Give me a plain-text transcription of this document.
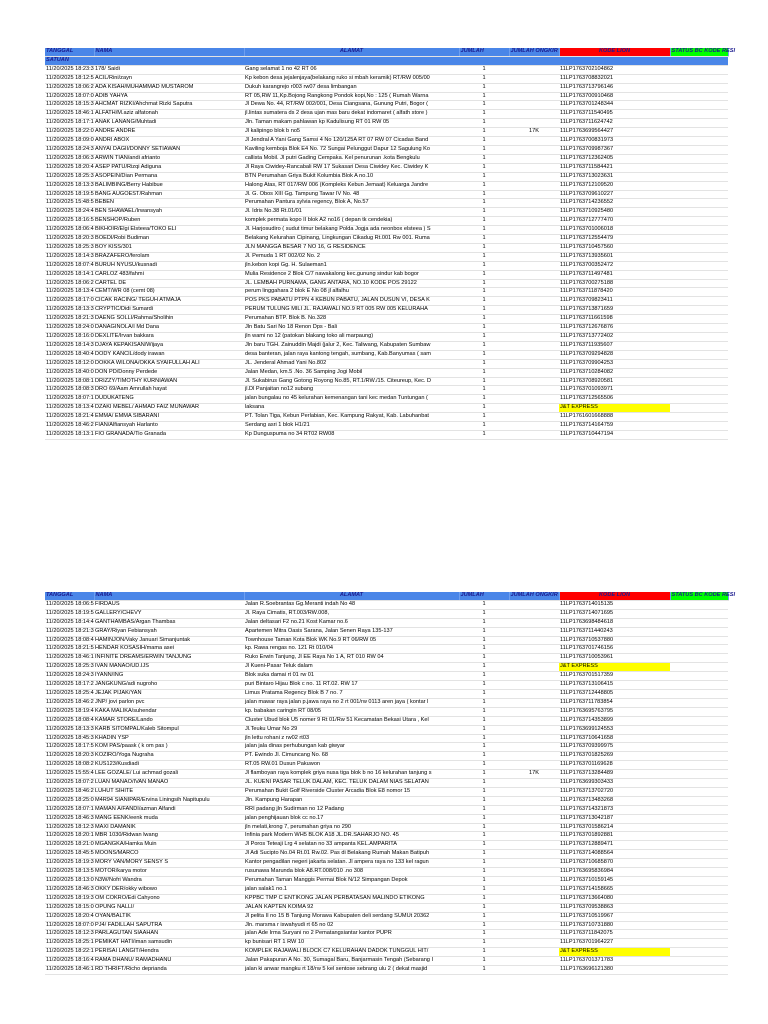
TANGGAL	NAMA	ALAMAT	JUMLAH	JUMLAH ONGKIR	KODE LION	STATUS BC KODE RESI
SATUAN						
11/20/2025 18:23:3	178/ Saidi	Gang selamat 1 no 42 RT 06	1		11LP1763702104862	
11/20/2025 18:12:5	ACIL/Rini/zayn	Kp kebon desa jejalenjaya(belakang ruko si mbah keramik) RT/RW 005/00	1		11LP1763708832021	
11/20/2025 18:06:2	ADA KISAH/MUHAMMAD MUSTAROM	Dukuh karangrejo r003 rw07 desa limbangan	1		11LP1763713796146	
11/20/2025 18:07:0	ADIB YAHYA	RT 05,RW 11,Kp.Bojong Rangkong Pondok kopi,No : 125 ( Rumah Warna	1		11LP1763700910468	
11/20/2025 18:15:3	AHCMAT RIZKI/Ahchmat Rizki Saputra	Jl Dewa No. 44, RT/RW 002/001, Desa Ciangsana, Gunung Putri, Bogor (	1		11LP1763701248344	
11/20/2025 18:46:1	ALFATH/M.aziz alfatonah	jl.lintas sumatera ds 2 desa ujan mas baru dekat indomaret ( alfath store )	1		11LP1763711540495	
11/20/2025 18:17:1	ANAK LANANG/Muhtadi	Jln. Taman makam pahlawan kp Kadulisung RT 01 RW 05	1		11LP1763711624742	
11/20/2025 18:22:0	ANDRE ANDRE	Jl kalipingo blok b no5	1	17K	11LP1763699564427	
11/20/2025 18:09:0	ANDRI ABOX	Jl Jendral A Yani Gang Samsi 4 No 120/125A RT 07 RW 07 Cicadas Band	1		11LP1763700831973	
11/20/2025 18:24:3	ANYAI DAGII/DONNY SETIAWAN	Kaviling kemboja Blok E4 No. 72 Sungai Pelunggut Dapur 12 Sagulung Ko	1		11LP1763709987367	
11/20/2025 18:06:3	ARWIN TIAN/andi afrianto	callista Mobil. Jl putri Gading Cempaka. Kel penurunan .kota Bengkulu	1		11LP1763712362405	
11/20/2025 18:20:4	ASEP PATU/Rizqi Adiguna	Jl Raya Ciwidey-Rancabali RW 17 Sukasari Desa Ciwidey Kec. Ciwidey K	1		11LP1763711584421	
11/20/2025 18:25:3	ASOPEIN/Dian Permana	BTN Perumahan Griya Bukit Kolumbia Blok A no.10	1		11LP1763713023631	
11/20/2025 18:13:3	BALIMBING/Berry Habibue	Halong Atas, RT 017/RW 006 (Kompleks Kebun Jemaat) Keluarga Jandre	1		11LP1763712109520	
11/20/2025 18:19:5	BANG AUGOEST/Rahman	Jl. G. Obos XIII Gg. Tampung Tawar IV No. 48	1		11LP1763709610227	
11/20/2025 15:48:5	BEBEN	Perumahan Pantura sylvia regency, Blok A, No.57	1		11LP1763714236552	
11/20/2025 18:24:4	BEN SHAWAEL/Irwansyah	Jl. Idris No.38 Rt.01/01	1		11LP1763710925480	
11/20/2025 18:16:5	BENSHOP/Ruben	komplek permata kopo II blok A2 no16 ( depan tk cendekia)	1		11LP1763712777470	
11/20/2025 18:06:4	BIKHOIR/Elgi Elsteea/TOKO ELI	Jl. Harjosudiro ( sudut timur belakang Polda Jogja ada neonbox elsteea ) S	1		11LP1763701006018	
11/20/2025 18:20:3	BOEDI/Robi Budiman	Belakang Kelurahan Cipinang, Lingkungan Cikadug Rt.001 Rw 001. Ruma	1		11LP1763712554479	
11/20/2025 18:25:3	BOY KISS/301	JLN MANGGA BESAR 7 NO 16, G RESIDENCE	1		11LP1763710457560	
11/20/2025 18:14:3	BRAZAFERO/ferolam	Jl. Pemuda 1 RT 002/02 No. 2	1		11LP1763713935601	
11/20/2025 18:07:4	BURUH NYUSU/kusnadi	jln.kebon kopi Gg. H. Sulaeman1	1		11LP1763700352472	
11/20/2025 18:14:1	CARLOZ 483/fahmi	Mulia Residence 2 Blok C/7 nawakalong kec.gunung sindur kab bogor	1		11LP1763711497481	
11/20/2025 18:06:2	CARTEL DE	JL. LEMBAH PURNAMA, GANG ANTARA, NO.10 KODE POS 29122	1		11LP1763700275188	
11/20/2025 18:13:4	CEMT/WR 08 (cemt 08)	perum linggahara 2 blok E No 08 jl alfalhu	1		11LP1763711878420	
11/20/2025 18:17:0	CICAK RACING/ TEGUH ATMAJA	POS PKS PABATU PTPN 4 KEBUN PABATU, JALAN DUSUN VI, DESA K	1		11LP1763709823411	
11/20/2025 18:13:3	CRYPTIC/Didi Sumardi	PERUM TULUNG MILI JL. RAJAWALI NO.9 RT 005 RW 005 KELURAHA	1		11LP1763713871659	
11/20/2025 18:21:3	DAENG SOLLI/Rahma/Sholihin	Perumahan BTP. Blok B. No.328	1		11LP1763711661598	
11/20/2025 18:24:0	DANAGINOLA/I Md Dana	Jln Batu Sari No 18 Renon Dps - Bali	1		11LP1763712676876	
11/20/2025 18:16:0	DEXLITE/Irvan bakkara	jln wami no 12 (patokan blakang toko ali marpaung)	1		11LP1763713772402	
11/20/2025 18:14:3	DJAYA KEPAKISAN/Wijaya	Jln baru TGH. Zainuddin Majdi (jalur 2, Kec. Taliwang, Kabupaten Sumbaw	1		11LP1763711935607	
11/20/2025 18:40:4	DODY KANCIL/dody irawan	desa banteran, jalan raya kantong tengah, sumbang, Kab.Banyumas ( sam	1		11LP1763709294828	
11/20/2025 18:12:0	DOKKA WILONA/OKKA SYAIFULLAH ALI	JL. Jenderal Ahmad Yani No.802	1		11LP1763709904253	
11/20/2025 18:40:0	DON PD/Donny Perdede	Jalan Medan, km.5 .No. 36 Samping Jogi Mobil	1		11LP1763710284082	
11/20/2025 18:08:1	DRIZZY/TIMOTHY KURNIAWAN	Jl. Sukabirus Gang Gotong Royong No.85, RT.1/RW./15. Citeureup, Kec. D	1		11LP1763708920581	
11/20/2025 18:08:3	DRO 69/Aam Amrullah hayat	jl.Dl Panjaitan no12 subang	1		11LP1763701093971	
11/20/2025 18:07:1	DUDUKATENG	jalan bungalau no 45 kelurahan kemenangan tani kec medan Tuntungan (	1		11LP1763712565506	
11/20/2025 18:13:4	DZAKI MEBEL/ AHMAD FAIZ MUNAWAR	laksana	1		J&T EXPRESS	
11/20/2025 18:21:4	EMMA/ EMMA SIBARANI	PT. Tolan Tiga, Kebun Perlabian, Kec. Kampung Rakyat, Kab. Labuhanbat	1		11LP1761601668888	
11/20/2025 18:46:2	FIAN/Alfiansyah Harlanto	Serdang asri 1 blok H1/21	1		11LP1763714164759	
11/20/2025 18:13:1	FIO GRANADA/Tio Granada	Kp Dunguspuma no 34 RT02 RW08	1		11LP1763710447194	
TANGGAL	NAMA	ALAMAT	JUMLAH	JUMLAH ONGKIR	KODE LION	STATUS BC KODE RESI
11/20/2025 18:06:5	FIRDAUS	Jalan R.Soebrantas Gg.Meranti indah No 48	1		11LP1763714015135	
11/20/2025 18:19:5	GALLERY/CHEVY	Jl. Raya Cimatis, RT.003/RW.008,	1		11LP1763714071695	
11/20/2025 18:14:4	GANTHAMBAS/Argan Thambas	Jalan deltasari F2 no.21 Kost Kamar no.6	1		11LP1763698484618	
11/20/2025 18:21:3	GRAY/Riyan Febiansyah	Apartemen Mitra Oasis Sarana, Jalan Senen Raya 135-137	1		11LP1763711440243	
11/20/2025 18:08:4	HAMINJON/Vaky Januari Simanjuntak	Townhouse Taman Kota Blok WK No.9 RT 06/RW 05	1		11LP1763710537880	
11/20/2025 18:21:5	HENDAR KOSASIH/mama asei	kp. Rawa rengas no. 121 Rt 010/04	1		11LP1763701746156	
11/20/2025 18:46:1	INFINITE DREAMS/ERWIN TANJUNG	Ruko Erwin Tanjung, Jl EE Raya No 1 A, RT 010 RW 04	1		11LP1763710053961	
11/20/2025 18:25:3	IVAN MANAO/UD.IJS	Jl Kueni-Pasar Teluk dalam	1		J&T EXPRESS	
11/20/2025 18:24:3	IYANN/ING	Blok suka damai rt 01 rw 01	1		11LP1763701517359	
11/20/2025 18:17:2	JANGKUNG/adi nugroho	puri Bintaro Hijau Blok c no. 11 RT.02. RW 17	1		11LP1763713106415	
11/20/2025 18:25:4	JEJAK PIJAK/YAN	Limus Pratama Regency Blok B 7 no. 7	1		11LP1763712448805	
11/20/2025 18:46:2	JNP/ jovi parlon pvc	jalan mawar raya jalan p.jawa raya no 2 rt 001/rw 0113 aren jaya ( kontar l	1		11LP1763711783854	
11/20/2025 18:19:4	KAKA MALIKA/suhendar	kp. babakan caringin RT 08/05	1		11LP1763695763795	
11/20/2025 18:08:4	KAMAR STORE/Lando	Cluster Ubud blok U5 nomer 9 Rt 01/Rw 51 Kecamatan Bekasi Utara , Kel	1		11LP1763714353899	
11/20/2025 18:13:3	KARB SITOMPAL/Kaleb Sitompul	Jl.Teuku Umar No 29	1		11LP1763699124553	
11/20/2025 18:45:3	KHADIN YSP	jln lettu rohani z rw02 rt03	1		11LP1763710641658	
11/20/2025 18:17:5	KOM PAS/paask ( k om pas )	jalan jala dinas perhubungan kab giwyar	1		11LP1763709399975	
11/20/2025 18:20:3	KOZIRO/Yoga Nugraha	PT. Ewindo Jl. Cimuncang No. 68	1		11LP1763701825269	
11/20/2025 18:08:2	KUS123/Kusdiadi	RT.05 RW.01 Dusun Pakuwon	1		11LP1763701169628	
11/20/2025 15:55:4	LEE GOZALE/ Lui achmad gozali	Jl flamboyan raya komplek griya nusa tiga blok b no 16 kelurahan tanjung s	1	17K	11LP1763713284489	
11/20/2025 18:07:2	LUAN MANAO/IVAN MANAO	JL. KUENI PASAR TELUK DALAM, KEC. TELUK DALAM NIAS SELATAN	1		11LP1763699303433	
11/20/2025 18:46:2	LUHUT SIHITE	Perumahan Bukit Golf Riverside Cluster Arcadia Blok E8 nomor 15	1		11LP1763713702720	
11/20/2025 18:25:0	M4R94 SIANIPAR/Ervina Liningsih Napitupulu	Jln. Kampung Harapan	1		11LP1763713483268	
11/20/2025 18:07:1	MAMAN A/FANDI/azman Alfandi	RRI padang jln Sudirman no 12 Padang	1		11LP1763714321873	
11/20/2025 18:46:3	MANG EENK/eenk muda	jalan penghijauan blok cc no.17	1		11LP1763713042187	
11/20/2025 18:12:3	MAXI DAMANIK	jln melati,krong 7, perumahan griya no 290	1		11LP1763701586214	
11/20/2025 18:20:1	MBR 1030/Ridwan lwang	Infinia park Modern WH5 BLOK A18 JL.DR.SAHARJO NO. 45	1		11LP1763701892881	
11/20/2025 18:21:0	MGANGKA/Hamka Muin	Jl Poros Teteaji Lrg 4 selatan no 33 ampanta KEL.AMPARITA	1		11LP1763712889471	
11/20/2025 18:45:5	MOONS/MARCO	Jl Adi Sucipto No.04 Rt.01 Rw.02. Pas di Belakang Rumah Makan Batipuh	1		11LP1763714088564	
11/20/2025 18:19:3	MORY VAN/MORY SENSY S	Kantor pengadilan negeri jakarta selatan. Jl ampera raya no 133 kel ragun	1		11LP1763710685870	
11/20/2025 18:13:5	MOTOR/karya motor	rusunawa Marunda blok A8.RT.008/010 .no 308	1		11LP1763695836984	
11/20/2025 18:13:0	N3W/Nofri Wandra	Perumahan Taman Manggis Permai Blok N/12 Simpangan Depok	1		11LP1763710159145	
11/20/2025 18:46:3	OKKY DER/okky wibowo	jalan salak1 no.1	1		11LP1763714158665	
11/20/2025 18:19:3	OM COKRO/Edi Cahyono	KPPBC TMP C ENTIKONG JALAN PERBATASAN MALINDO ETIKONG	1		11LP1763713664080	
11/20/2025 18:15:0	OPUNG NALLI/	JALAN KAPTEN KOIMA 92	1		11LP1763709538863	
11/20/2025 18:20:4	OYAN/BALTIK	Jl pelita II no 15 B Tanjung Morawa Kabupaten deli serdang SUMUt 20362	1		11LP1763710519967	
11/20/2025 18:07:0	PJ4/ FADILLAH SAPUTRA	Jln. marsma r iswahyudi rt 65 no 02	1		11LP1763710731880	
11/20/2025 18:12:3	PARLAGUTAN SIAAHAN	jalan Ade Irma Suryani no 2 Pematangsiantar kantor PUPR	1		11LP1763711842075	
11/20/2025 18:25:1	PEMIKAT HATI/iman samsudin	kp bunisari RT 1 RW 10	1		11LP1763701964227	
11/20/2025 18:22:1	PERISAI LANGIT/Hendra	KOMPLEK RAJAWALI BLOCK C7 KELURAHAN DADOK TUNGGUL HIT/	1		J&T EXPRESS	
11/20/2025 18:16:4	RAMA DHANU/ RAMADHANU	Jalan Pakapuran A No. 30, Sumagal Baru, Banjarmasin Tengah (Sebarang I	1		11LP1763701371783	
11/20/2025 18:46:1	RD THRIFT/Richo deprianda	jalan ki anwar mangku rt 18/rw 5 kel sentose sebrang ulu 2 ( dekat masjid	1		11LP1763696121380	
